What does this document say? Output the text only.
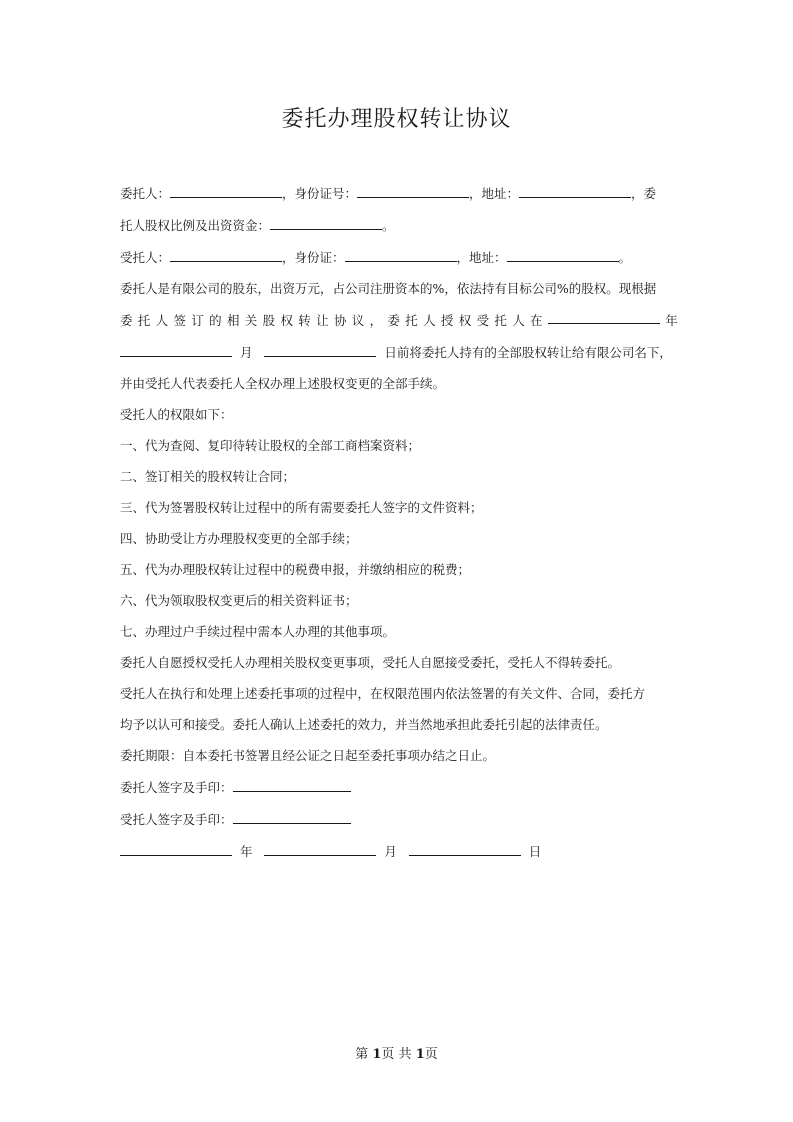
委托办理股权转让协议
委托人：	，身份证号：	，地址：	，委
托人股权比例及出资资金：	。
受托人：	，身份证：	，地址：	。
委托人是有限公司的股东，出资万元，占公司注册资本的%，依法持有目标公司%的股权。现根据
委 托 人 签 订 的 相 关 股 权 转 让 协 议 ， 委 托 人 授 权 受 托 人 在	年
月	日前将委托人持有的全部股权转让给有限公司名下，
并由受托人代表委托人全权办理上述股权变更的全部手续。
受托人的权限如下：
一、代为查阅、复印待转让股权的全部工商档案资料；
二、签订相关的股权转让合同；
三、代为签署股权转让过程中的所有需要委托人签字的文件资料；
四、协助受让方办理股权变更的全部手续；
五、代为办理股权转让过程中的税费申报，并缴纳相应的税费；
六、代为领取股权变更后的相关资料证书；
七、办理过户手续过程中需本人办理的其他事项。
委托人自愿授权受托人办理相关股权变更事项，受托人自愿接受委托，受托人不得转委托。
受托人在执行和处理上述委托事项的过程中，在权限范围内依法签署的有关文件、合同，委托方
均予以认可和接受。委托人确认上述委托的效力，并当然地承担此委托引起的法律责任。
委托期限：自本委托书签署且经公证之日起至委托事项办结之日止。
委托人签字及手印：
受托人签字及手印：
年	月	日
第 1页 共 1页
